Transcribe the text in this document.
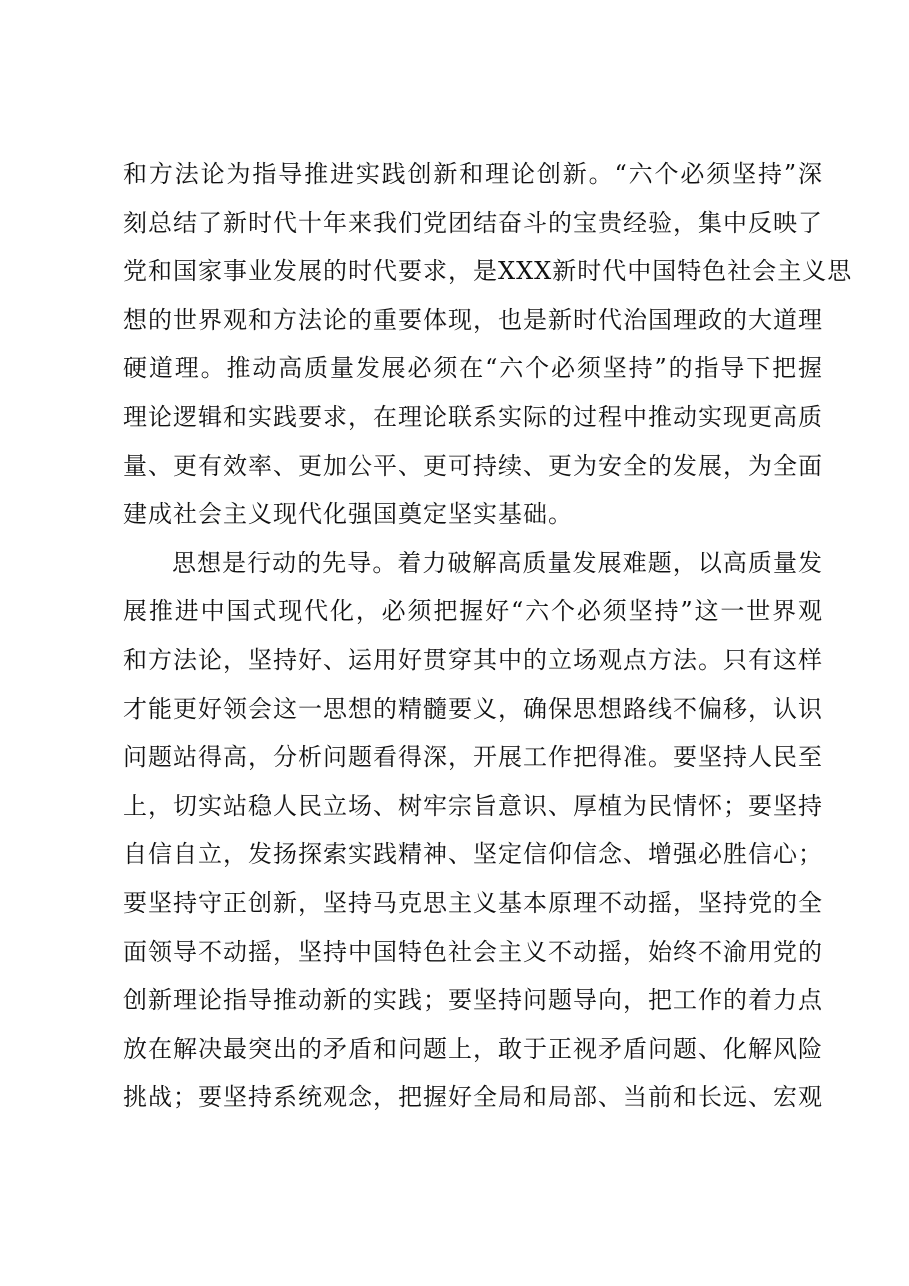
和方法论为指导推进实践创新和理论创新。“六个必须坚持”深
刻总结了新时代十年来我们党团结奋斗的宝贵经验，集中反映了
党和国家事业发展的时代要求，是XXX新时代中国特色社会主义思
想的世界观和方法论的重要体现，也是新时代治国理政的大道理
硬道理。推动高质量发展必须在“六个必须坚持”的指导下把握
理论逻辑和实践要求，在理论联系实际的过程中推动实现更高质
量、更有效率、更加公平、更可持续、更为安全的发展，为全面
建成社会主义现代化强国奠定坚实基础。
思想是行动的先导。着力破解高质量发展难题，以高质量发
展推进中国式现代化，必须把握好“六个必须坚持”这一世界观
和方法论，坚持好、运用好贯穿其中的立场观点方法。只有这样
才能更好领会这一思想的精髓要义，确保思想路线不偏移，认识
问题站得高，分析问题看得深，开展工作把得准。要坚持人民至
上，切实站稳人民立场、树牢宗旨意识、厚植为民情怀；要坚持
自信自立，发扬探索实践精神、坚定信仰信念、增强必胜信心；
要坚持守正创新，坚持马克思主义基本原理不动摇，坚持党的全
面领导不动摇，坚持中国特色社会主义不动摇，始终不渝用党的
创新理论指导推动新的实践；要坚持问题导向，把工作的着力点
放在解决最突出的矛盾和问题上，敢于正视矛盾问题、化解风险
挑战；要坚持系统观念，把握好全局和局部、当前和长远、宏观
